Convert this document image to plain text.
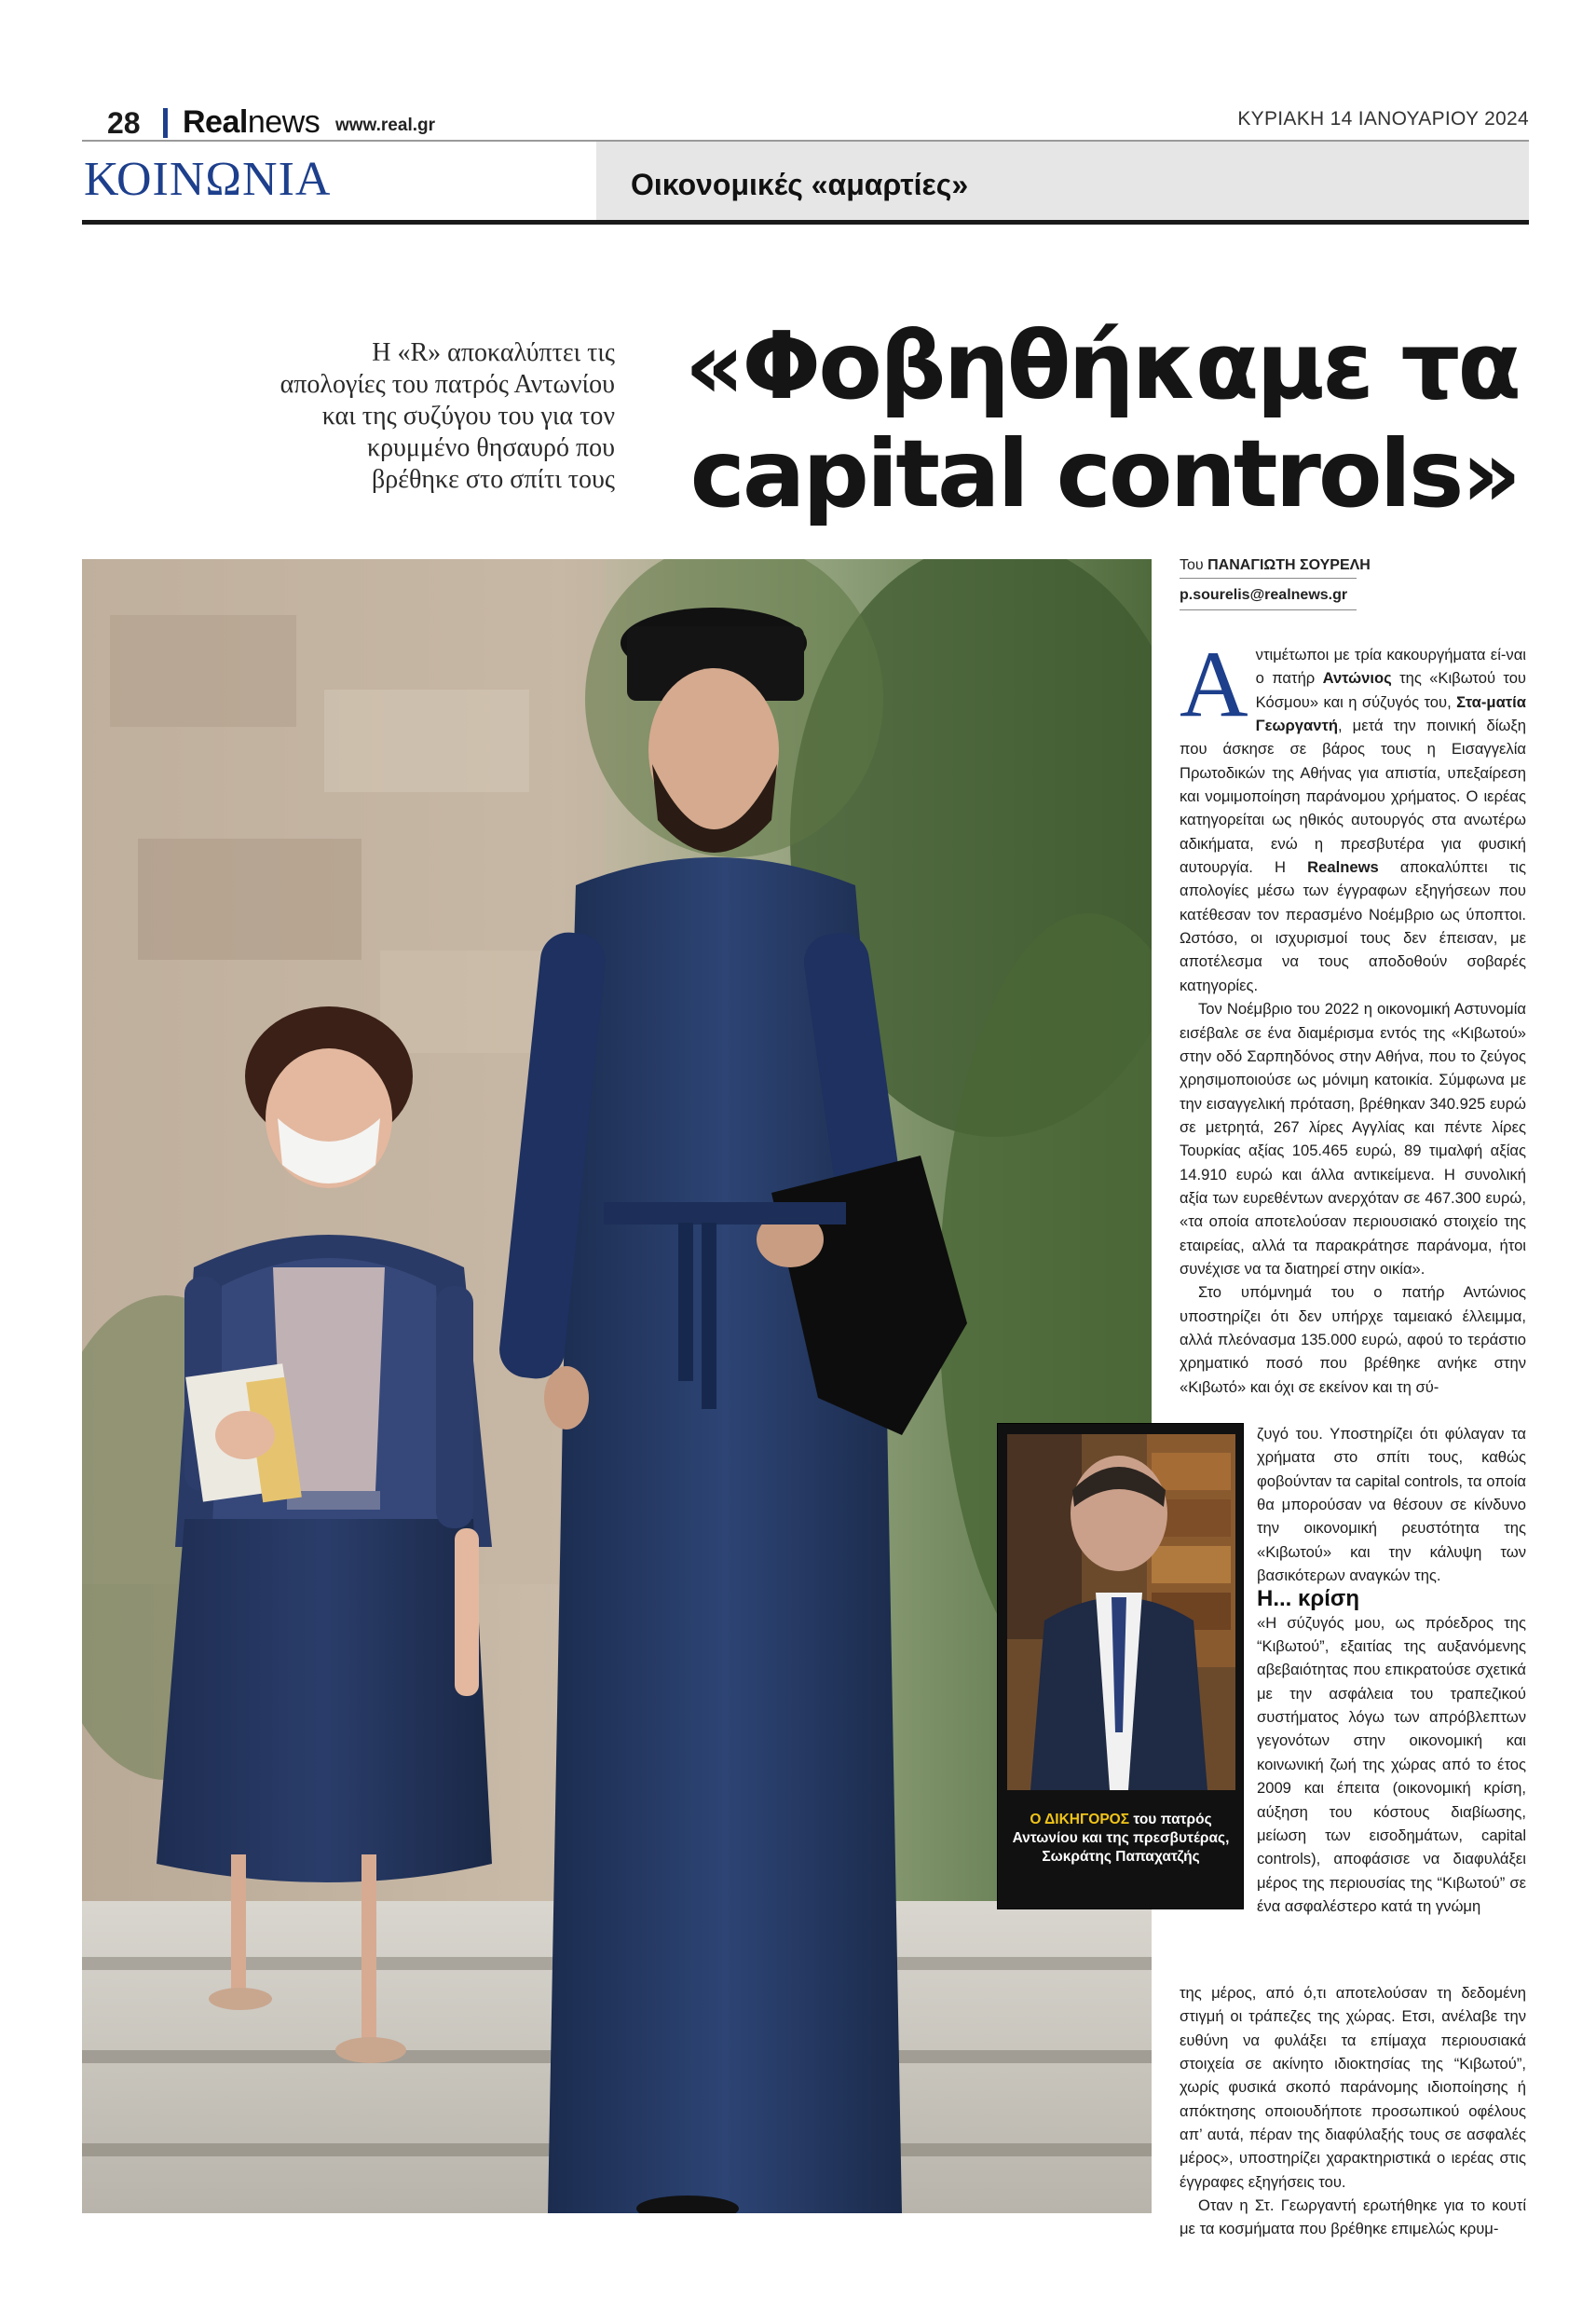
28 Realnews www.real.gr	ΚΥΡΙΑΚΗ 14 ΙΑΝΟΥΑΡΙΟΥ 2024
ΚΟΙΝΩΝΙΑ	Οικονομικές «αμαρτίες»
Η «R» αποκαλύπτει τις
απολογίες του πατρός Αντωνίου
και της συζύγου του για τον
κρυμμένο θησαυρό που
βρέθηκε στο σπίτι τους
«Φοβηθήκαμε τα
capital controls»
Του ΠΑΝΑΓΙΩΤΗ ΣΟΥΡΕΛΗ
p.sourelis@realnews.gr

Αντιμέτωποι με τρία κακουργήματα εί-ναι ο πατήρ Αντώνιος της «Κιβωτού του Κόσμου» και η σύζυγός του, Στα-ματία Γεωργαντή, μετά την ποινική δίωξη που άσκησε σε βάρος τους η Εισαγγελία Πρωτοδικών της Αθήνας για απιστία, υπεξαίρεση και νομιμοποίηση παράνομου χρήματος. Ο ιερέας κατηγορείται ως ηθικός αυτουργός στα ανωτέρω αδικήματα, ενώ η πρεσβυτέρα για φυσική αυτουργία. Η Realnews αποκαλύπτει τις απολογίες μέσω των έγγραφων εξηγήσεων που κατέθεσαν τον περασμένο Νοέμβριο ως ύποπτοι. Ωστόσο, οι ισχυρισμοί τους δεν έπεισαν, με αποτέλεσμα να τους αποδοθούν σοβαρές κατηγορίες.

Τον Νοέμβριο του 2022 η οικονομική Αστυνομία εισέβαλε σε ένα διαμέρισμα εντός της «Κιβωτού» στην οδό Σαρπηδόνος στην Αθήνα, που το ζεύγος χρησιμοποιούσε ως μόνιμη κατοικία. Σύμφωνα με την εισαγγελική πρόταση, βρέθηκαν 340.925 ευρώ σε μετρητά, 267 λίρες Αγγλίας και πέντε λίρες Τουρκίας αξίας 105.465 ευρώ, 89 τιμαλφή αξίας 14.910 ευρώ και άλλα αντικείμενα. Η συνολική αξία των ευρεθέντων ανερχόταν σε 467.300 ευρώ, «τα οποία αποτελούσαν περιουσιακό στοιχείο της εταιρείας, αλλά τα παρακράτησε παράνομα, ήτοι συνέχισε να τα διατηρεί στην οικία».

Στο υπόμνημά του ο πατήρ Αντώνιος υποστηρίζει ότι δεν υπήρχε ταμειακό έλλειμμα, αλλά πλεόνασμα 135.000 ευρώ, αφού το τεράστιο χρηματικό ποσό που βρέθηκε ανήκε στην «Κιβωτό» και όχι σε εκείνον και τη σύ-

ζυγό του. Υποστηρίζει ότι φύλαγαν τα χρήματα στο σπίτι τους, καθώς φοβούνταν τα capital controls, τα οποία θα μπορούσαν να θέσουν σε κίνδυνο την οικονομική ρευστότητα της «Κιβωτού» και την κάλυψη των βασικότερων αναγκών της.

Η... κρίση

«Η σύζυγός μου, ως πρόεδρος της “Κιβωτού”, εξαιτίας της αυξανόμενης αβεβαιότητας που επικρατούσε σχετικά με την ασφάλεια του τραπεζικού συστήματος λόγω των απρόβλεπτων γεγονότων στην οικονομική και κοινωνική ζωή της χώρας από το έτος 2009 και έπειτα (οικονομική κρίση, αύξηση του κόστους διαβίωσης, μείωση των εισοδημάτων, capital controls), αποφάσισε να διαφυλάξει μέρος της περιουσίας της “Κιβωτού” σε ένα ασφαλέστερο κατά τη γνώμη

της μέρος, από ό,τι αποτελούσαν τη δεδομένη στιγμή οι τράπεζες της χώρας. Ετσι, ανέλαβε την ευθύνη να φυλάξει τα επίμαχα περιουσιακά στοιχεία σε ακίνητο ιδιοκτησίας της “Κιβωτού”, χωρίς φυσικά σκοπό παράνομης ιδιοποίησης ή απόκτησης οποιουδήποτε προσωπικού οφέλους απ’ αυτά, πέραν της διαφύλαξής τους σε ασφαλές μέρος», υποστηρίζει χαρακτηριστικά ο ιερέας στις έγγραφες εξηγήσεις του.

Οταν η Στ. Γεωργαντή ερωτήθηκε για το κουτί με τα κοσμήματα που βρέθηκε επιμελώς κρυμ-

Ο ΔΙΚΗΓΟΡΟΣ του πατρός Αντωνίου και της πρεσβυτέρας, Σωκράτης Παπαχατζής
